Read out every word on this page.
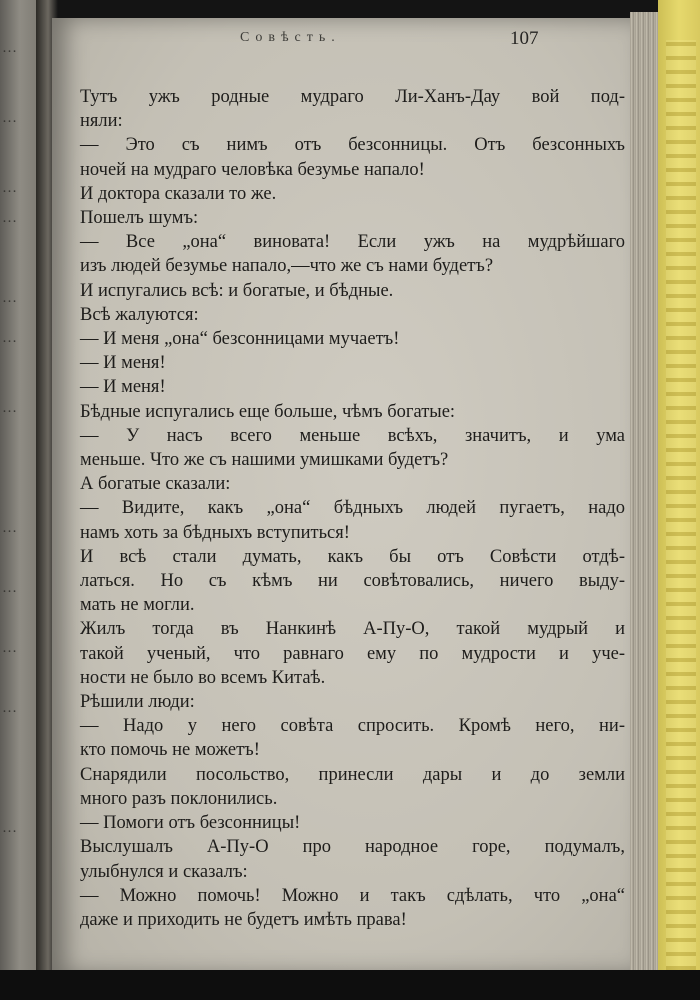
…
…
…
…
…
…
…
…
…
…
…
…
Совѣсть.	107
Тутъ ужъ родные мудраго Ли-Ханъ-Дау вой под-
няли:
— Это съ нимъ отъ безсонницы. Отъ безсонныхъ
ночей на мудраго человѣка безумье напало!
И доктора сказали то же.
Пошелъ шумъ:
— Все „она“ виновата! Если ужъ на мудрѣйшаго
изъ людей безумье напало,—что же съ нами будетъ?
И испугались всѣ: и богатые, и бѣдные.
Всѣ жалуются:
— И меня „она“ безсонницами мучаетъ!
— И меня!
— И меня!
Бѣдные испугались еще больше, чѣмъ богатые:
— У насъ всего меньше всѣхъ, значитъ, и ума
меньше. Что же съ нашими умишками будетъ?
А богатые сказали:
— Видите, какъ „она“ бѣдныхъ людей пугаетъ, надо
намъ хоть за бѣдныхъ вступиться!
И всѣ стали думать, какъ бы отъ Совѣсти отдѣ-
латься. Но съ кѣмъ ни совѣтовались, ничего выду-
мать не могли.
Жилъ тогда въ Нанкинѣ А-Пу-О, такой мудрый и
такой ученый, что равнаго ему по мудрости и уче-
ности не было во всемъ Китаѣ.
Рѣшили люди:
— Надо у него совѣта спросить. Кромѣ него, ни-
кто помочь не можетъ!
Снарядили посольство, принесли дары и до земли
много разъ поклонились.
— Помоги отъ безсонницы!
Выслушалъ А-Пу-О про народное горе, подумалъ,
улыбнулся и сказалъ:
— Можно помочь! Можно и такъ сдѣлать, что „она“
даже и приходить не будетъ имѣть права!
